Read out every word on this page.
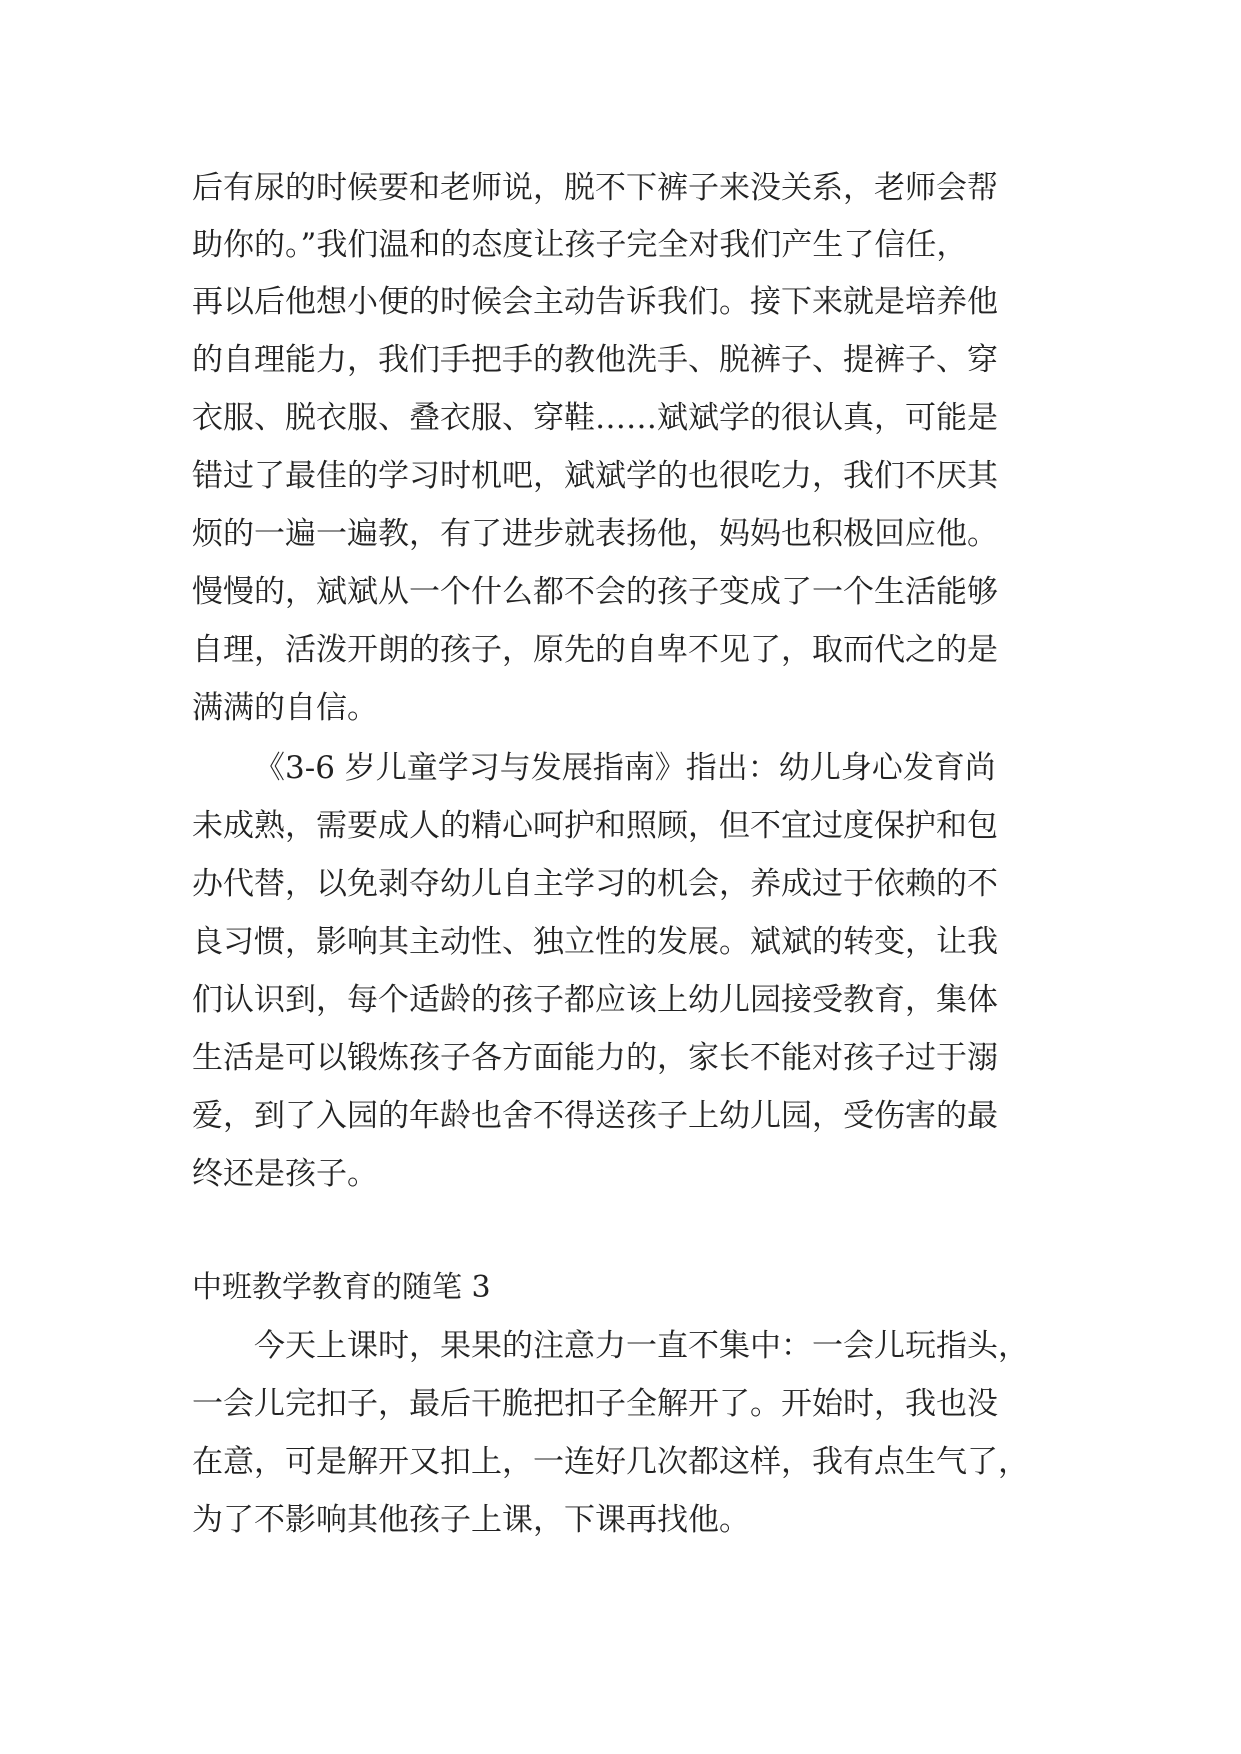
后有尿的时候要和老师说，脱不下裤子来没关系，老师会帮
助你的。”我们温和的态度让孩子完全对我们产生了信任，
再以后他想小便的时候会主动告诉我们。接下来就是培养他
的自理能力，我们手把手的教他洗手、脱裤子、提裤子、穿
衣服、脱衣服、叠衣服、穿鞋……斌斌学的很认真，可能是
错过了最佳的学习时机吧，斌斌学的也很吃力，我们不厌其
烦的一遍一遍教，有了进步就表扬他，妈妈也积极回应他。
慢慢的，斌斌从一个什么都不会的孩子变成了一个生活能够
自理，活泼开朗的孩子，原先的自卑不见了，取而代之的是
满满的自信。
《3-6 岁儿童学习与发展指南》指出：幼儿身心发育尚
未成熟，需要成人的精心呵护和照顾，但不宜过度保护和包
办代替，以免剥夺幼儿自主学习的机会，养成过于依赖的不
良习惯，影响其主动性、独立性的发展。斌斌的转变，让我
们认识到，每个适龄的孩子都应该上幼儿园接受教育，集体
生活是可以锻炼孩子各方面能力的，家长不能对孩子过于溺
爱，到了入园的年龄也舍不得送孩子上幼儿园，受伤害的最
终还是孩子。
中班教学教育的随笔 3
今天上课时，果果的注意力一直不集中：一会儿玩指头，
一会儿完扣子，最后干脆把扣子全解开了。开始时，我也没
在意，可是解开又扣上，一连好几次都这样，我有点生气了，
为了不影响其他孩子上课，下课再找他。
